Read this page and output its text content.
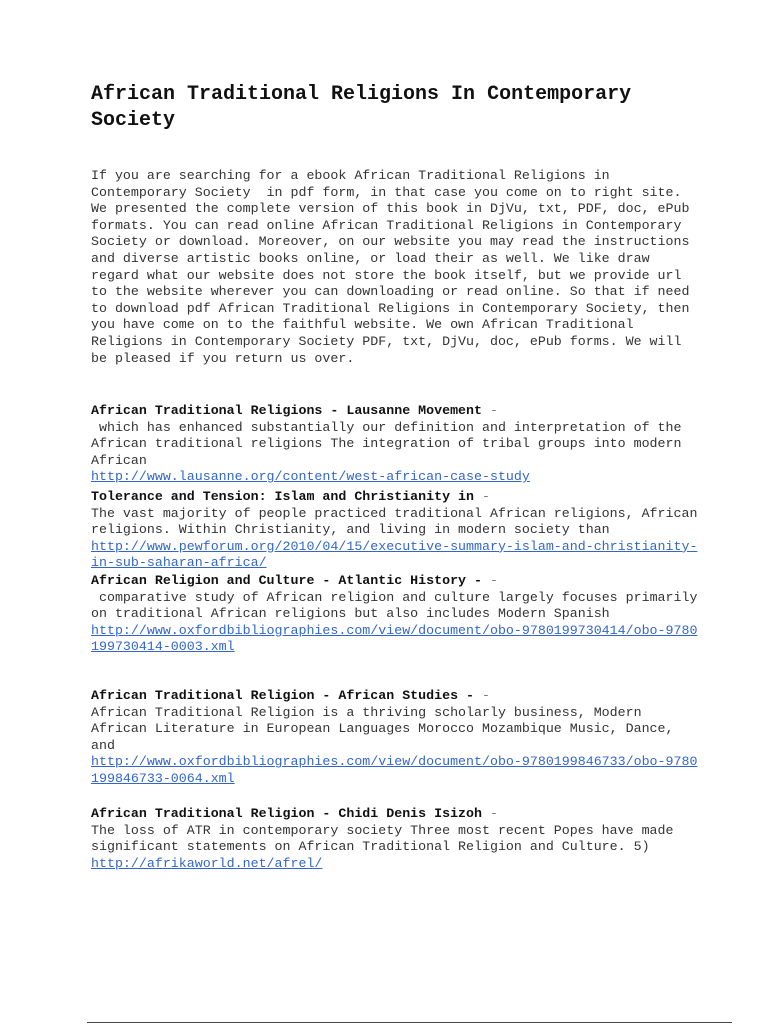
African Traditional Religions In Contemporary
Society

If you are searching for a ebook African Traditional Religions in
Contemporary Society  in pdf form, in that case you come on to right site.
We presented the complete version of this book in DjVu, txt, PDF, doc, ePub
formats. You can read online African Traditional Religions in Contemporary
Society or download. Moreover, on our website you may read the instructions
and diverse artistic books online, or load their as well. We like draw
regard what our website does not store the book itself, but we provide url
to the website wherever you can downloading or read online. So that if need
to download pdf African Traditional Religions in Contemporary Society, then
you have come on to the faithful website. We own African Traditional
Religions in Contemporary Society PDF, txt, DjVu, doc, ePub forms. We will
be pleased if you return us over.

African Traditional Religions - Lausanne Movement -
which has enhanced substantially our definition and interpretation of the
African traditional religions The integration of tribal groups into modern
African
http://www.lausanne.org/content/west-african-case-study
Tolerance and Tension: Islam and Christianity in -
The vast majority of people practiced traditional African religions, African
religions. Within Christianity, and living in modern society than
http://www.pewforum.org/2010/04/15/executive-summary-islam-and-christianity-
in-sub-saharan-africa/
African Religion and Culture - Atlantic History - -
comparative study of African religion and culture largely focuses primarily
on traditional African religions but also includes Modern Spanish
http://www.oxfordbibliographies.com/view/document/obo-9780199730414/obo-9780
199730414-0003.xml
African Traditional Religion - African Studies - -
African Traditional Religion is a thriving scholarly business, Modern
African Literature in European Languages Morocco Mozambique Music, Dance,
and
http://www.oxfordbibliographies.com/view/document/obo-9780199846733/obo-9780
199846733-0064.xml
African Traditional Religion - Chidi Denis Isizoh -
The loss of ATR in contemporary society Three most recent Popes have made
significant statements on African Traditional Religion and Culture. 5)
http://afrikaworld.net/afrel/
